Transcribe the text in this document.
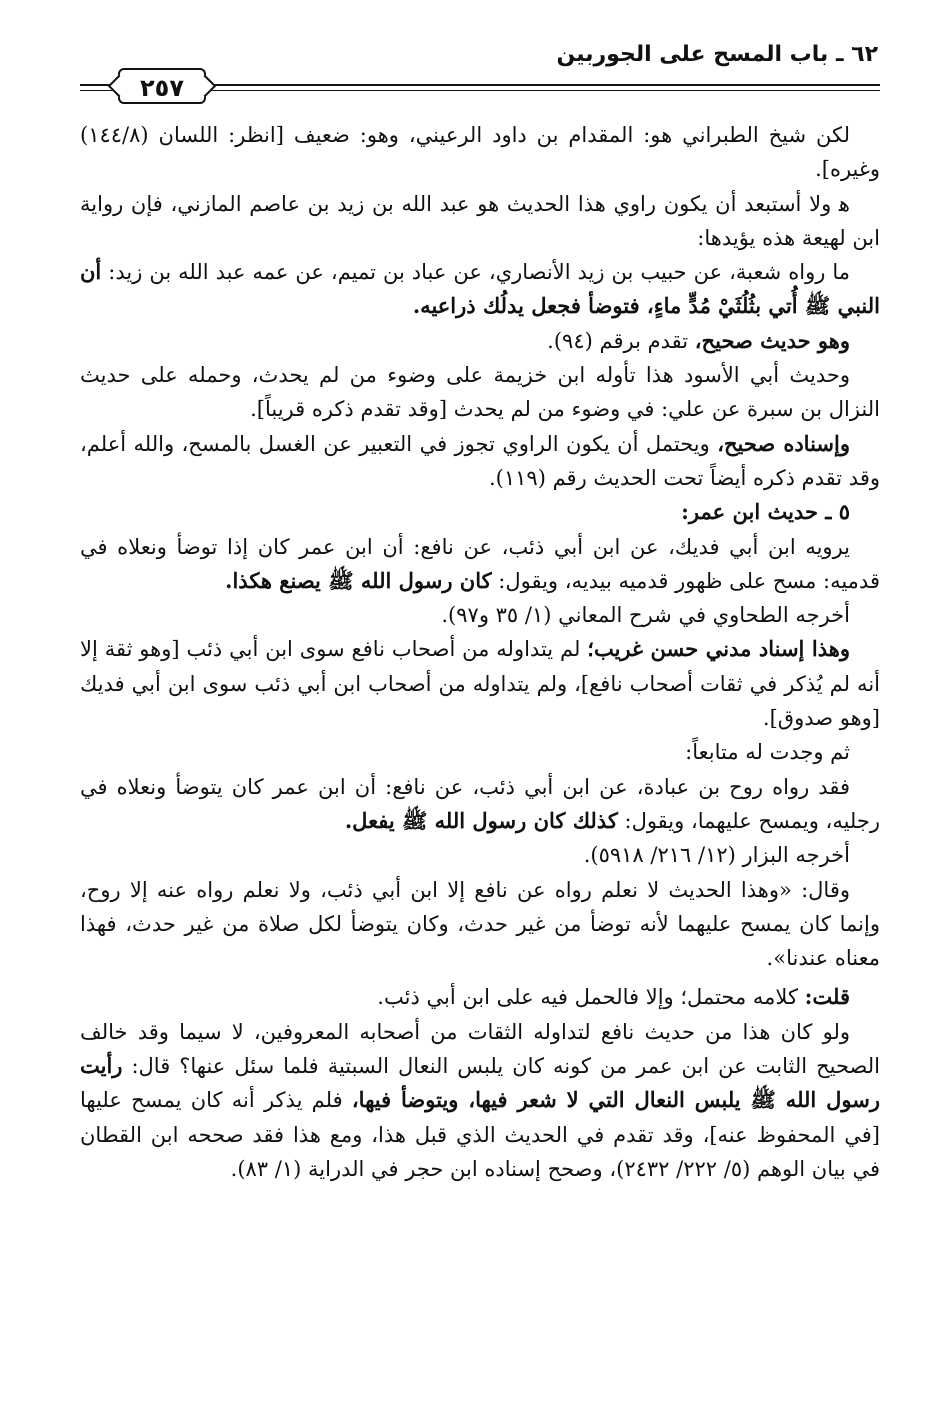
٦٢ ـ باب المسح على الجوربين
٢٥٧

لكن شيخ الطبراني هو: المقدام بن داود الرعيني، وهو: ضعيف [انظر: اللسان (١٤٤/٨) وغيره].

ﻫ ولا أستبعد أن يكون راوي هذا الحديث هو عبد الله بن زيد بن عاصم المازني، فإن رواية ابن لهيعة هذه يؤيدها:

ما رواه شعبة، عن حبيب بن زيد الأنصاري، عن عباد بن تميم، عن عمه عبد الله بن زيد: أن النبي ﷺ أُتي بثُلُثَيْ مُدٍّ ماءٍ، فتوضأ فجعل يدلُك ذراعيه.

وهو حديث صحيح، تقدم برقم (٩٤).

وحديث أبي الأسود هذا تأوله ابن خزيمة على وضوء من لم يحدث، وحمله على حديث النزال بن سبرة عن علي: في وضوء من لم يحدث [وقد تقدم ذكره قريباً].

وإسناده صحيح، ويحتمل أن يكون الراوي تجوز في التعبير عن الغسل بالمسح، والله أعلم، وقد تقدم ذكره أيضاً تحت الحديث رقم (١١٩).

٥ ـ حديث ابن عمر:

يرويه ابن أبي فديك، عن ابن أبي ذئب، عن نافع: أن ابن عمر كان إذا توضأ ونعلاه في قدميه: مسح على ظهور قدميه بيديه، ويقول: كان رسول الله ﷺ يصنع هكذا.

أخرجه الطحاوي في شرح المعاني (١/ ٣٥ و٩٧).

وهذا إسناد مدني حسن غريب؛ لم يتداوله من أصحاب نافع سوى ابن أبي ذئب [وهو ثقة إلا أنه لم يُذكر في ثقات أصحاب نافع]، ولم يتداوله من أصحاب ابن أبي ذئب سوى ابن أبي فديك [وهو صدوق].

ثم وجدت له متابعاً:

فقد رواه روح بن عبادة، عن ابن أبي ذئب، عن نافع: أن ابن عمر كان يتوضأ ونعلاه في رجليه، ويمسح عليهما، ويقول: كذلك كان رسول الله ﷺ يفعل.

أخرجه البزار (١٢/ ٢١٦/ ٥٩١٨).

وقال: «وهذا الحديث لا نعلم رواه عن نافع إلا ابن أبي ذئب، ولا نعلم رواه عنه إلا روح، وإنما كان يمسح عليهما لأنه توضأ من غير حدث، وكان يتوضأ لكل صلاة من غير حدث، فهذا معناه عندنا».

قلت: كلامه محتمل؛ وإلا فالحمل فيه على ابن أبي ذئب.

ولو كان هذا من حديث نافع لتداوله الثقات من أصحابه المعروفين، لا سيما وقد خالف الصحيح الثابت عن ابن عمر من كونه كان يلبس النعال السبتية فلما سئل عنها؟ قال: رأيت رسول الله ﷺ يلبس النعال التي لا شعر فيها، ويتوضأ فيها، فلم يذكر أنه كان يمسح عليها [في المحفوظ عنه]، وقد تقدم في الحديث الذي قبل هذا، ومع هذا فقد صححه ابن القطان في بيان الوهم (٥/ ٢٢٢/ ٢٤٣٢)، وصحح إسناده ابن حجر في الدراية (١/ ٨٣).
